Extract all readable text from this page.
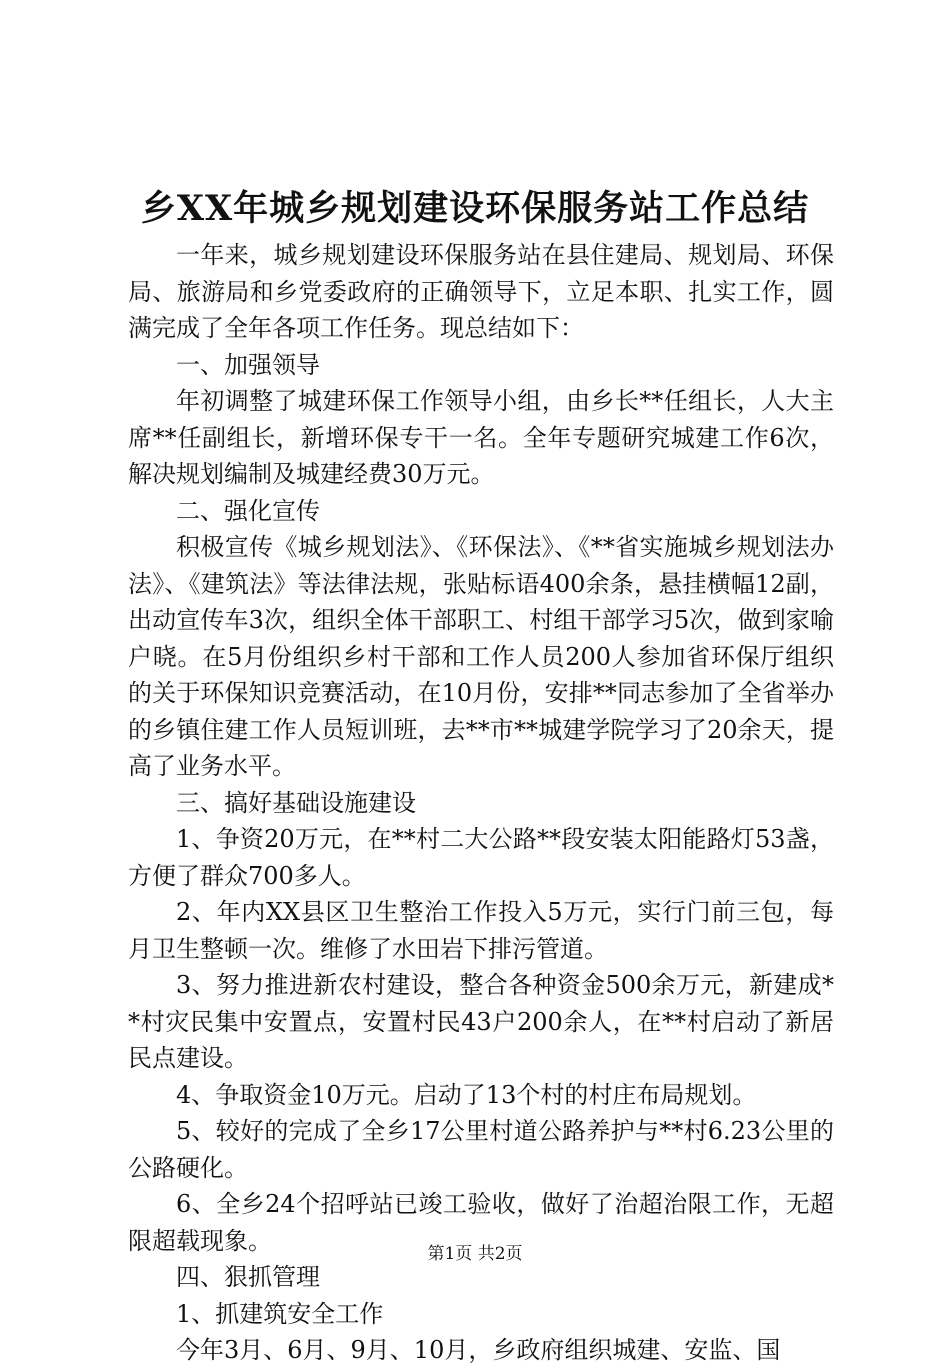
乡XX年城乡规划建设环保服务站工作总结

一年来，城乡规划建设环保服务站在县住建局、规划局、环保局、旅游局和乡党委政府的正确领导下，立足本职、扎实工作，圆满完成了全年各项工作任务。现总结如下：

一、加强领导

年初调整了城建环保工作领导小组，由乡长**任组长，人大主席**任副组长，新增环保专干一名。全年专题研究城建工作6次，解决规划编制及城建经费30万元。

二、强化宣传

积极宣传《城乡规划法》、《环保法》、《**省实施城乡规划法办法》、《建筑法》等法律法规，张贴标语400余条，悬挂横幅12副，出动宣传车3次，组织全体干部职工、村组干部学习5次，做到家喻户晓。在5月份组织乡村干部和工作人员200人参加省环保厅组织的关于环保知识竞赛活动，在10月份，安排**同志参加了全省举办的乡镇住建工作人员短训班，去**市**城建学院学习了20余天，提高了业务水平。

三、搞好基础设施建设

1、争资20万元，在**村二大公路**段安装太阳能路灯53盏，方便了群众700多人。

2、年内XX县区卫生整治工作投入5万元，实行门前三包，每月卫生整顿一次。维修了水田岩下排污管道。

3、努力推进新农村建设，整合各种资金500余万元，新建成**村灾民集中安置点，安置村民43户200余人，在**村启动了新居民点建设。

4、争取资金10万元。启动了13个村的村庄布局规划。

5、较好的完成了全乡17公里村道公路养护与**村6.23公里的公路硬化。

6、全乡24个招呼站已竣工验收，做好了治超治限工作，无超限超载现象。

四、狠抓管理

1、抓建筑安全工作

今年3月、6月、9月、10月，乡政府组织城建、安监、国

第1页 共2页
